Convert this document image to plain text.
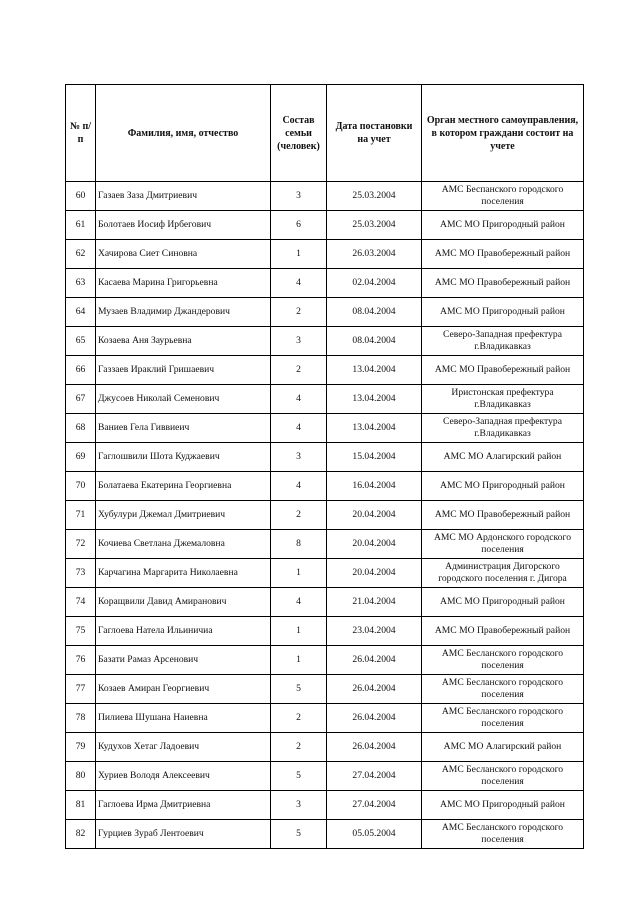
№ п/п	Фамилия, имя, отчество	Состав семьи (человек)	Дата постановки на учет	Орган местного самоуправления, в котором граждани состоит на учете
60	Газаев Заза Дмитриевич	3	25.03.2004	АМС Беспанского городского поселения
61	Болотаев Иосиф Ирбегович	6	25.03.2004	АМС МО Пригородный район
62	Хачирова Сиет Синовна	1	26.03.2004	АМС МО Правобережный район
63	Касаева Марина Григорьевна	4	02.04.2004	АМС МО Правобережный район
64	Музаев Владимир Джандерович	2	08.04.2004	АМС МО Пригородный район
65	Козаева Аня Заурьевна	3	08.04.2004	Северо-Западная префектура г.Владикавказ
66	Газзаев Ираклий Гришаевич	2	13.04.2004	АМС МО Правобережный район
67	Джусоев Николай Семенович	4	13.04.2004	Иристонская префектура г.Владикавказ
68	Ваниев Гела Гиввиеич	4	13.04.2004	Северо-Западная префектура г.Владикавказ
69	Гаглошвили Шота Куджаевич	3	15.04.2004	АМС МО Алагирский район
70	Болатаева Екатерина Георгиевна	4	16.04.2004	АМС МО Пригородный район
71	Хубулури Джемал Дмитриевич	2	20.04.2004	АМС МО Правобережный район
72	Кочиева Светлана Джемаловна	8	20.04.2004	АМС МО Ардонского городского поселения
73	Карчагина Маргарита Николаевна	1	20.04.2004	Администрация Дигорского городского поселения г. Дигора
74	Коращвили Давид Амиранович	4	21.04.2004	АМС МО Пригородный район
75	Гаглоева Натела Ильиничиа	1	23.04.2004	АМС МО Правобережный район
76	Базати Рамаз Арсенович	1	26.04.2004	АМС Бесланского городского поселения
77	Козаев Амиран Георгиевич	5	26.04.2004	АМС Бесланского городского поселения
78	Пилиева Шушана Наиевна	2	26.04.2004	АМС Бесланского городского поселения
79	Кудухов Хетаг Ладоевич	2	26.04.2004	АМС МО Алагирский район
80	Хуриев Володя Алексеевич	5	27.04.2004	АМС Бесланского городского поселения
81	Гаглоева Ирма Дмитриевна	3	27.04.2004	АМС МО Пригородный район
82	Гурциев Зураб Лентоевич	5	05.05.2004	АМС Бесланского городского поселения
